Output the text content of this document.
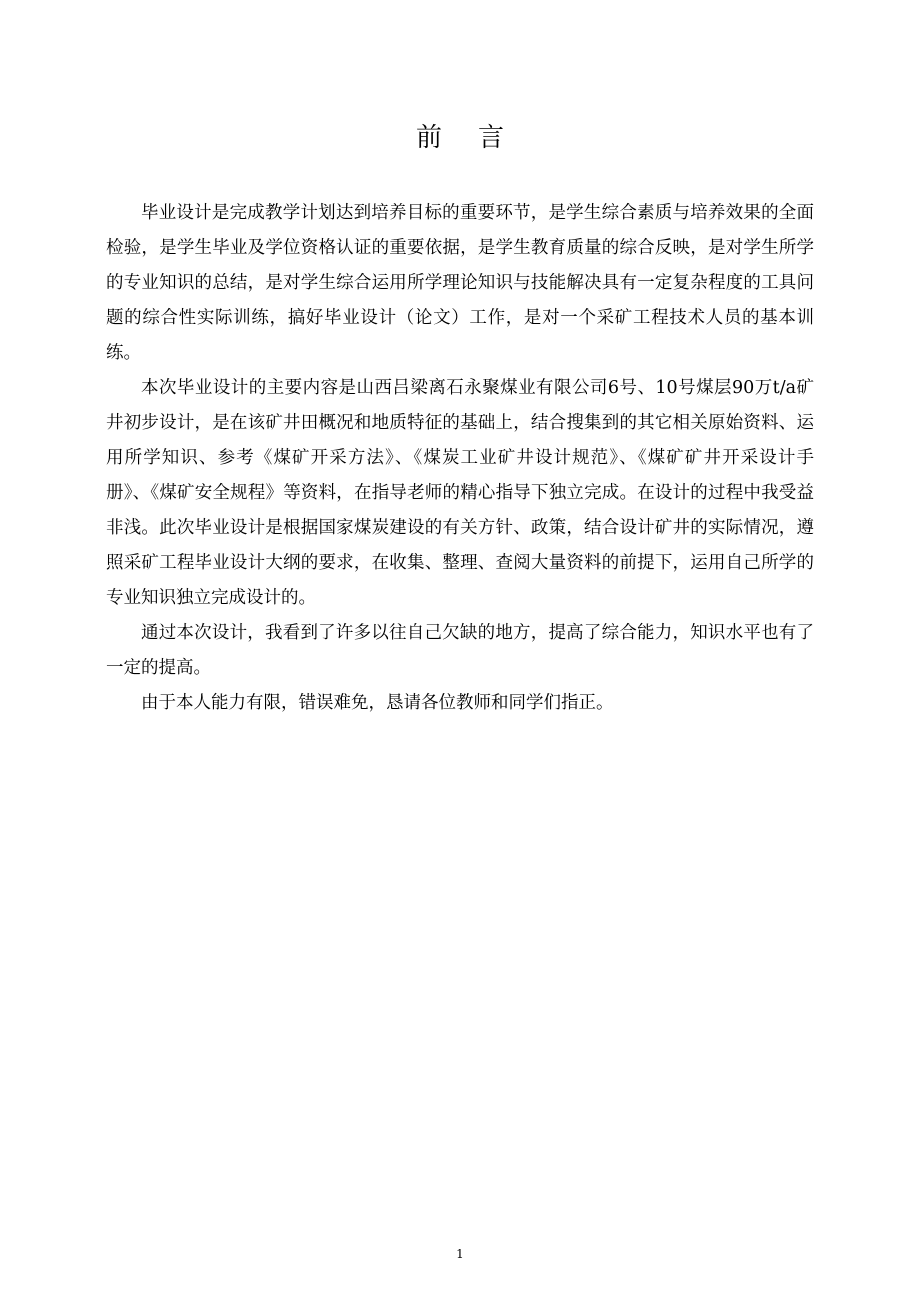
前言

毕业设计是完成教学计划达到培养目标的重要环节，是学生综合素质与培养效果的全面检验，是学生毕业及学位资格认证的重要依据，是学生教育质量的综合反映，是对学生所学的专业知识的总结，是对学生综合运用所学理论知识与技能解决具有一定复杂程度的工具问题的综合性实际训练，搞好毕业设计（论文）工作，是对一个采矿工程技术人员的基本训练。

本次毕业设计的主要内容是山西吕梁离石永聚煤业有限公司6号、10号煤层90万t/a矿井初步设计，是在该矿井田概况和地质特征的基础上，结合搜集到的其它相关原始资料、运用所学知识、参考《煤矿开采方法》、《煤炭工业矿井设计规范》、《煤矿矿井开采设计手册》、《煤矿安全规程》等资料，在指导老师的精心指导下独立完成。在设计的过程中我受益非浅。此次毕业设计是根据国家煤炭建设的有关方针、政策，结合设计矿井的实际情况，遵照采矿工程毕业设计大纲的要求，在收集、整理、查阅大量资料的前提下，运用自己所学的专业知识独立完成设计的。

通过本次设计，我看到了许多以往自己欠缺的地方，提高了综合能力，知识水平也有了一定的提高。

由于本人能力有限，错误难免，恳请各位教师和同学们指正。

1
